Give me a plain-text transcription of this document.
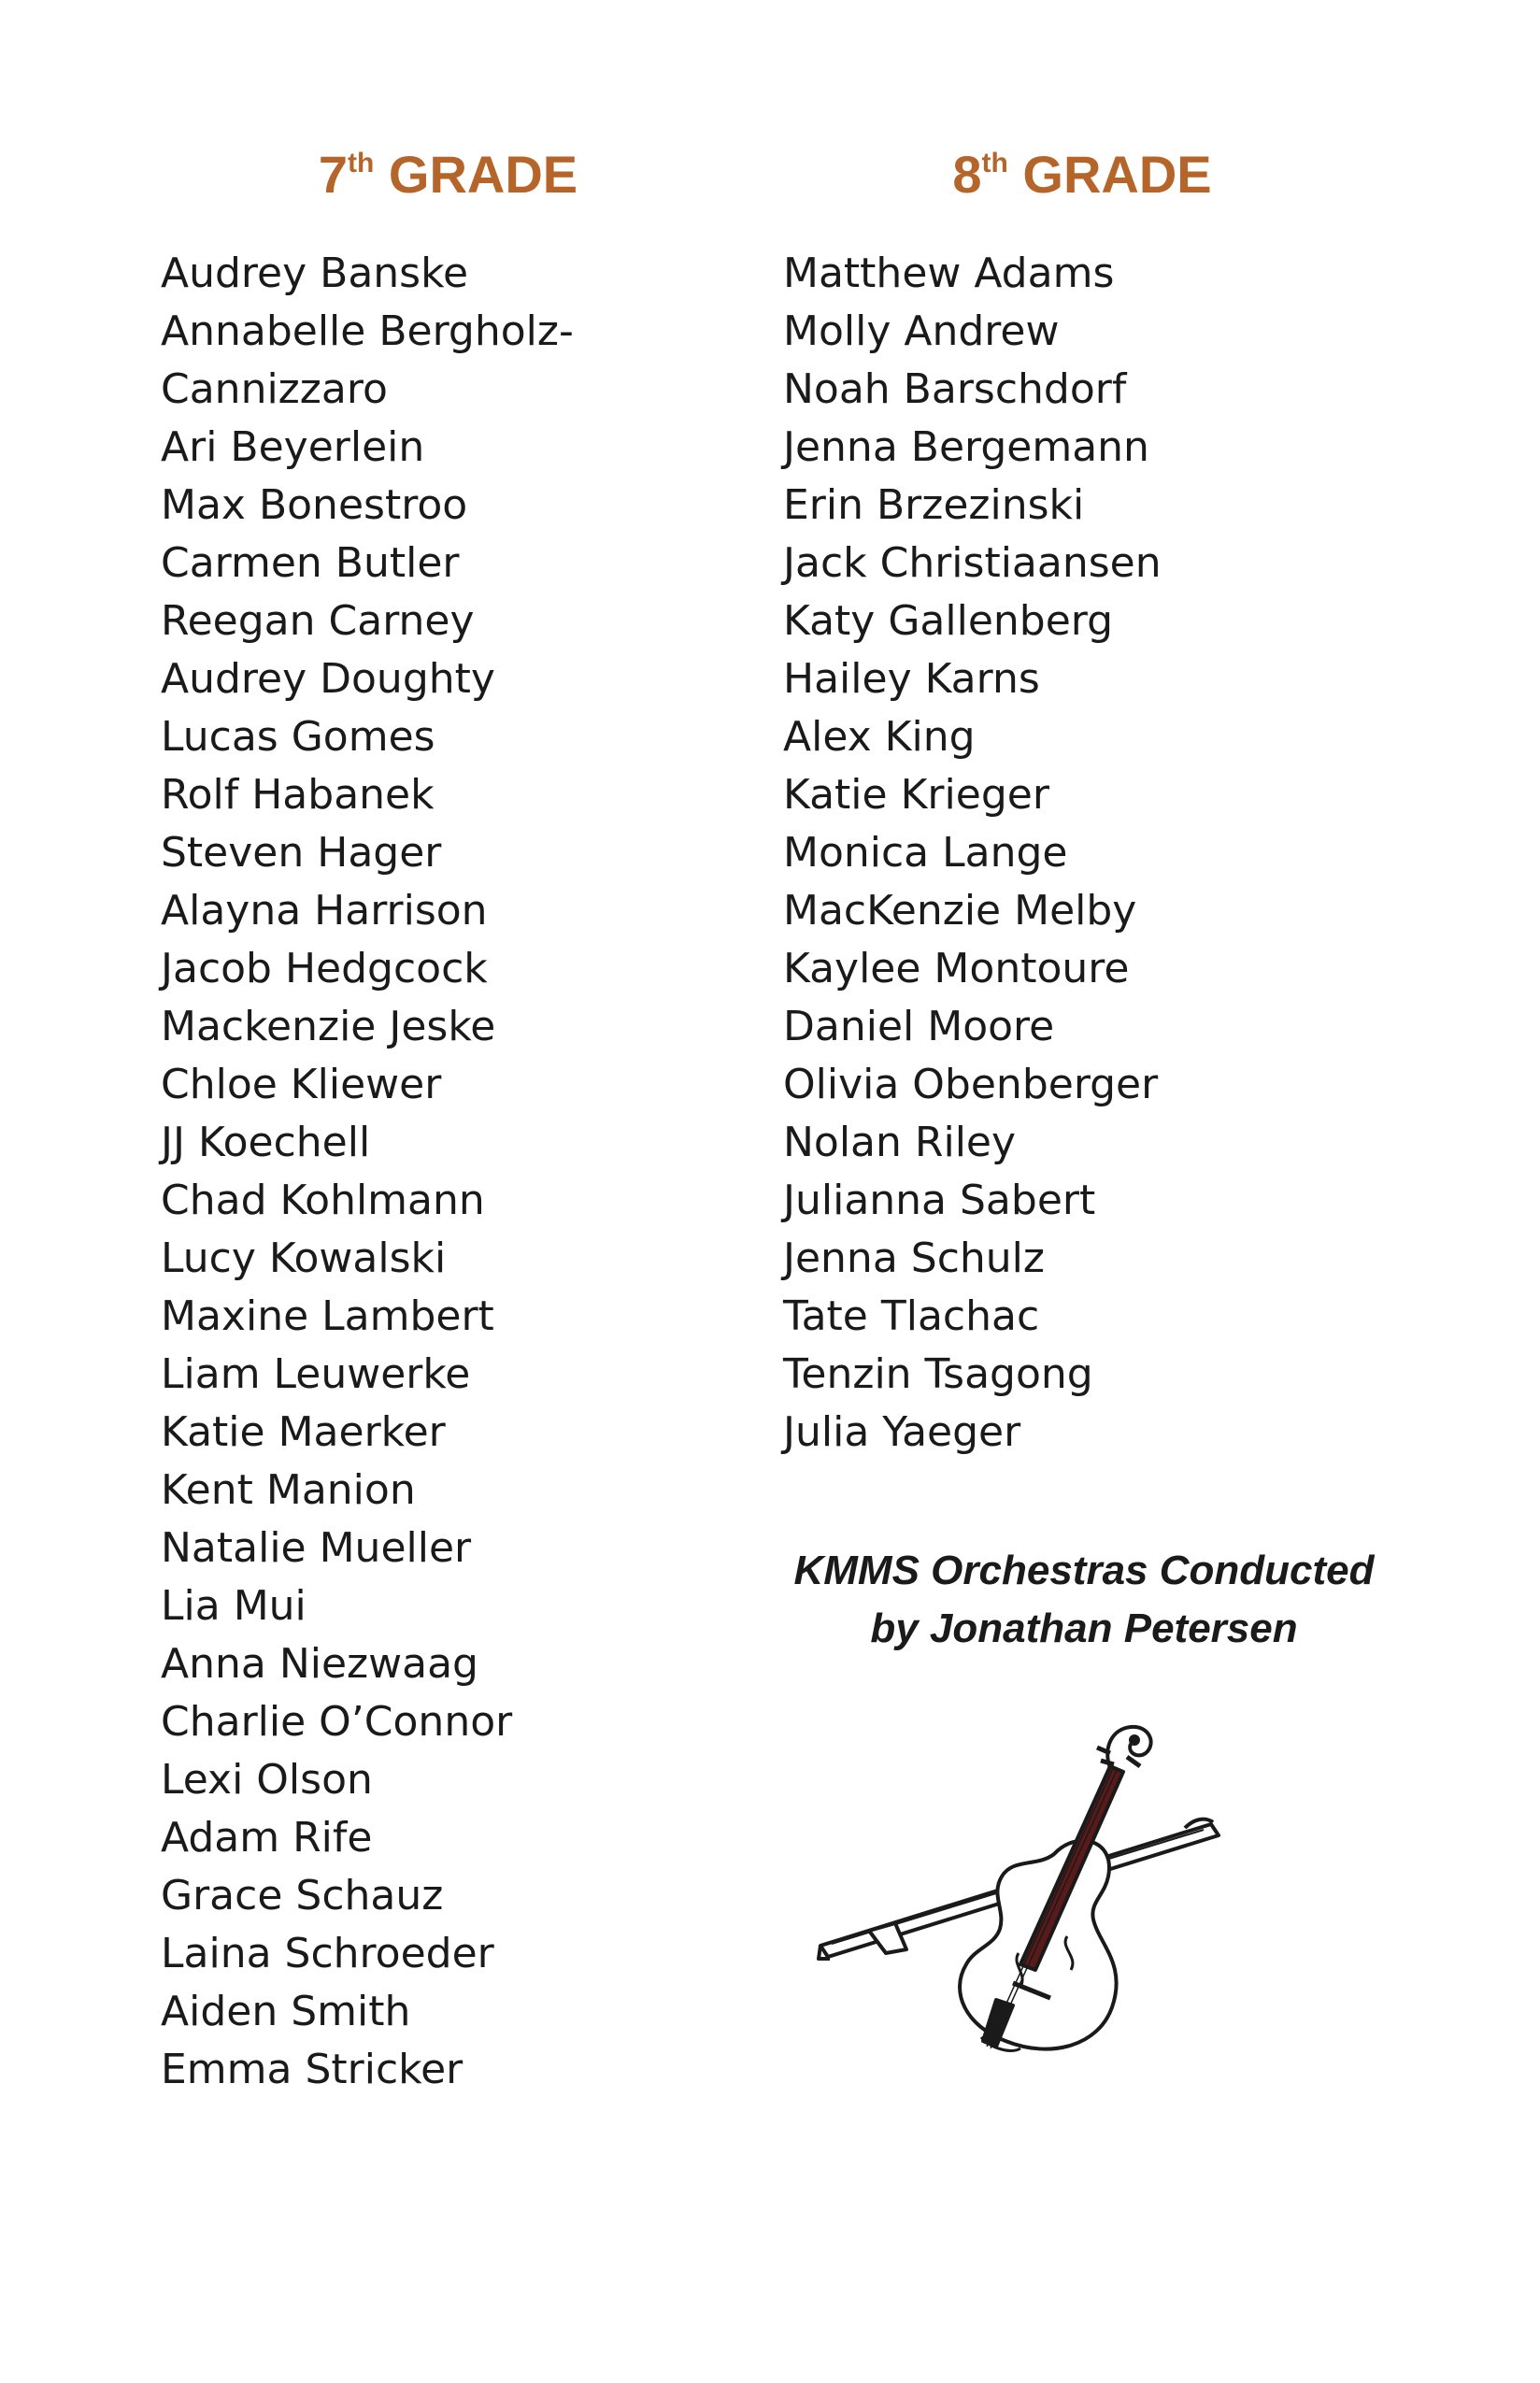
7th GRADE
Audrey Banske
Annabelle Bergholz-
Cannizzaro
Ari Beyerlein
Max Bonestroo
Carmen Butler
Reegan Carney
Audrey Doughty
Lucas Gomes
Rolf Habanek
Steven Hager
Alayna Harrison
Jacob Hedgcock
Mackenzie Jeske
Chloe Kliewer
JJ Koechell
Chad Kohlmann
Lucy Kowalski
Maxine Lambert
Liam Leuwerke
Katie Maerker
Kent Manion
Natalie Mueller
Lia Mui
Anna Niezwaag
Charlie O’Connor
Lexi Olson
Adam Rife
Grace Schauz
Laina Schroeder
Aiden Smith
Emma Stricker
8th GRADE
Matthew Adams
Molly Andrew
Noah Barschdorf
Jenna Bergemann
Erin Brzezinski
Jack Christiaansen
Katy Gallenberg
Hailey Karns
Alex King
Katie Krieger
Monica Lange
MacKenzie Melby
Kaylee Montoure
Daniel Moore
Olivia Obenberger
Nolan Riley
Julianna Sabert
Jenna Schulz
Tate Tlachac
Tenzin Tsagong
Julia Yaeger
KMMS Orchestras Conducted
by Jonathan Petersen
